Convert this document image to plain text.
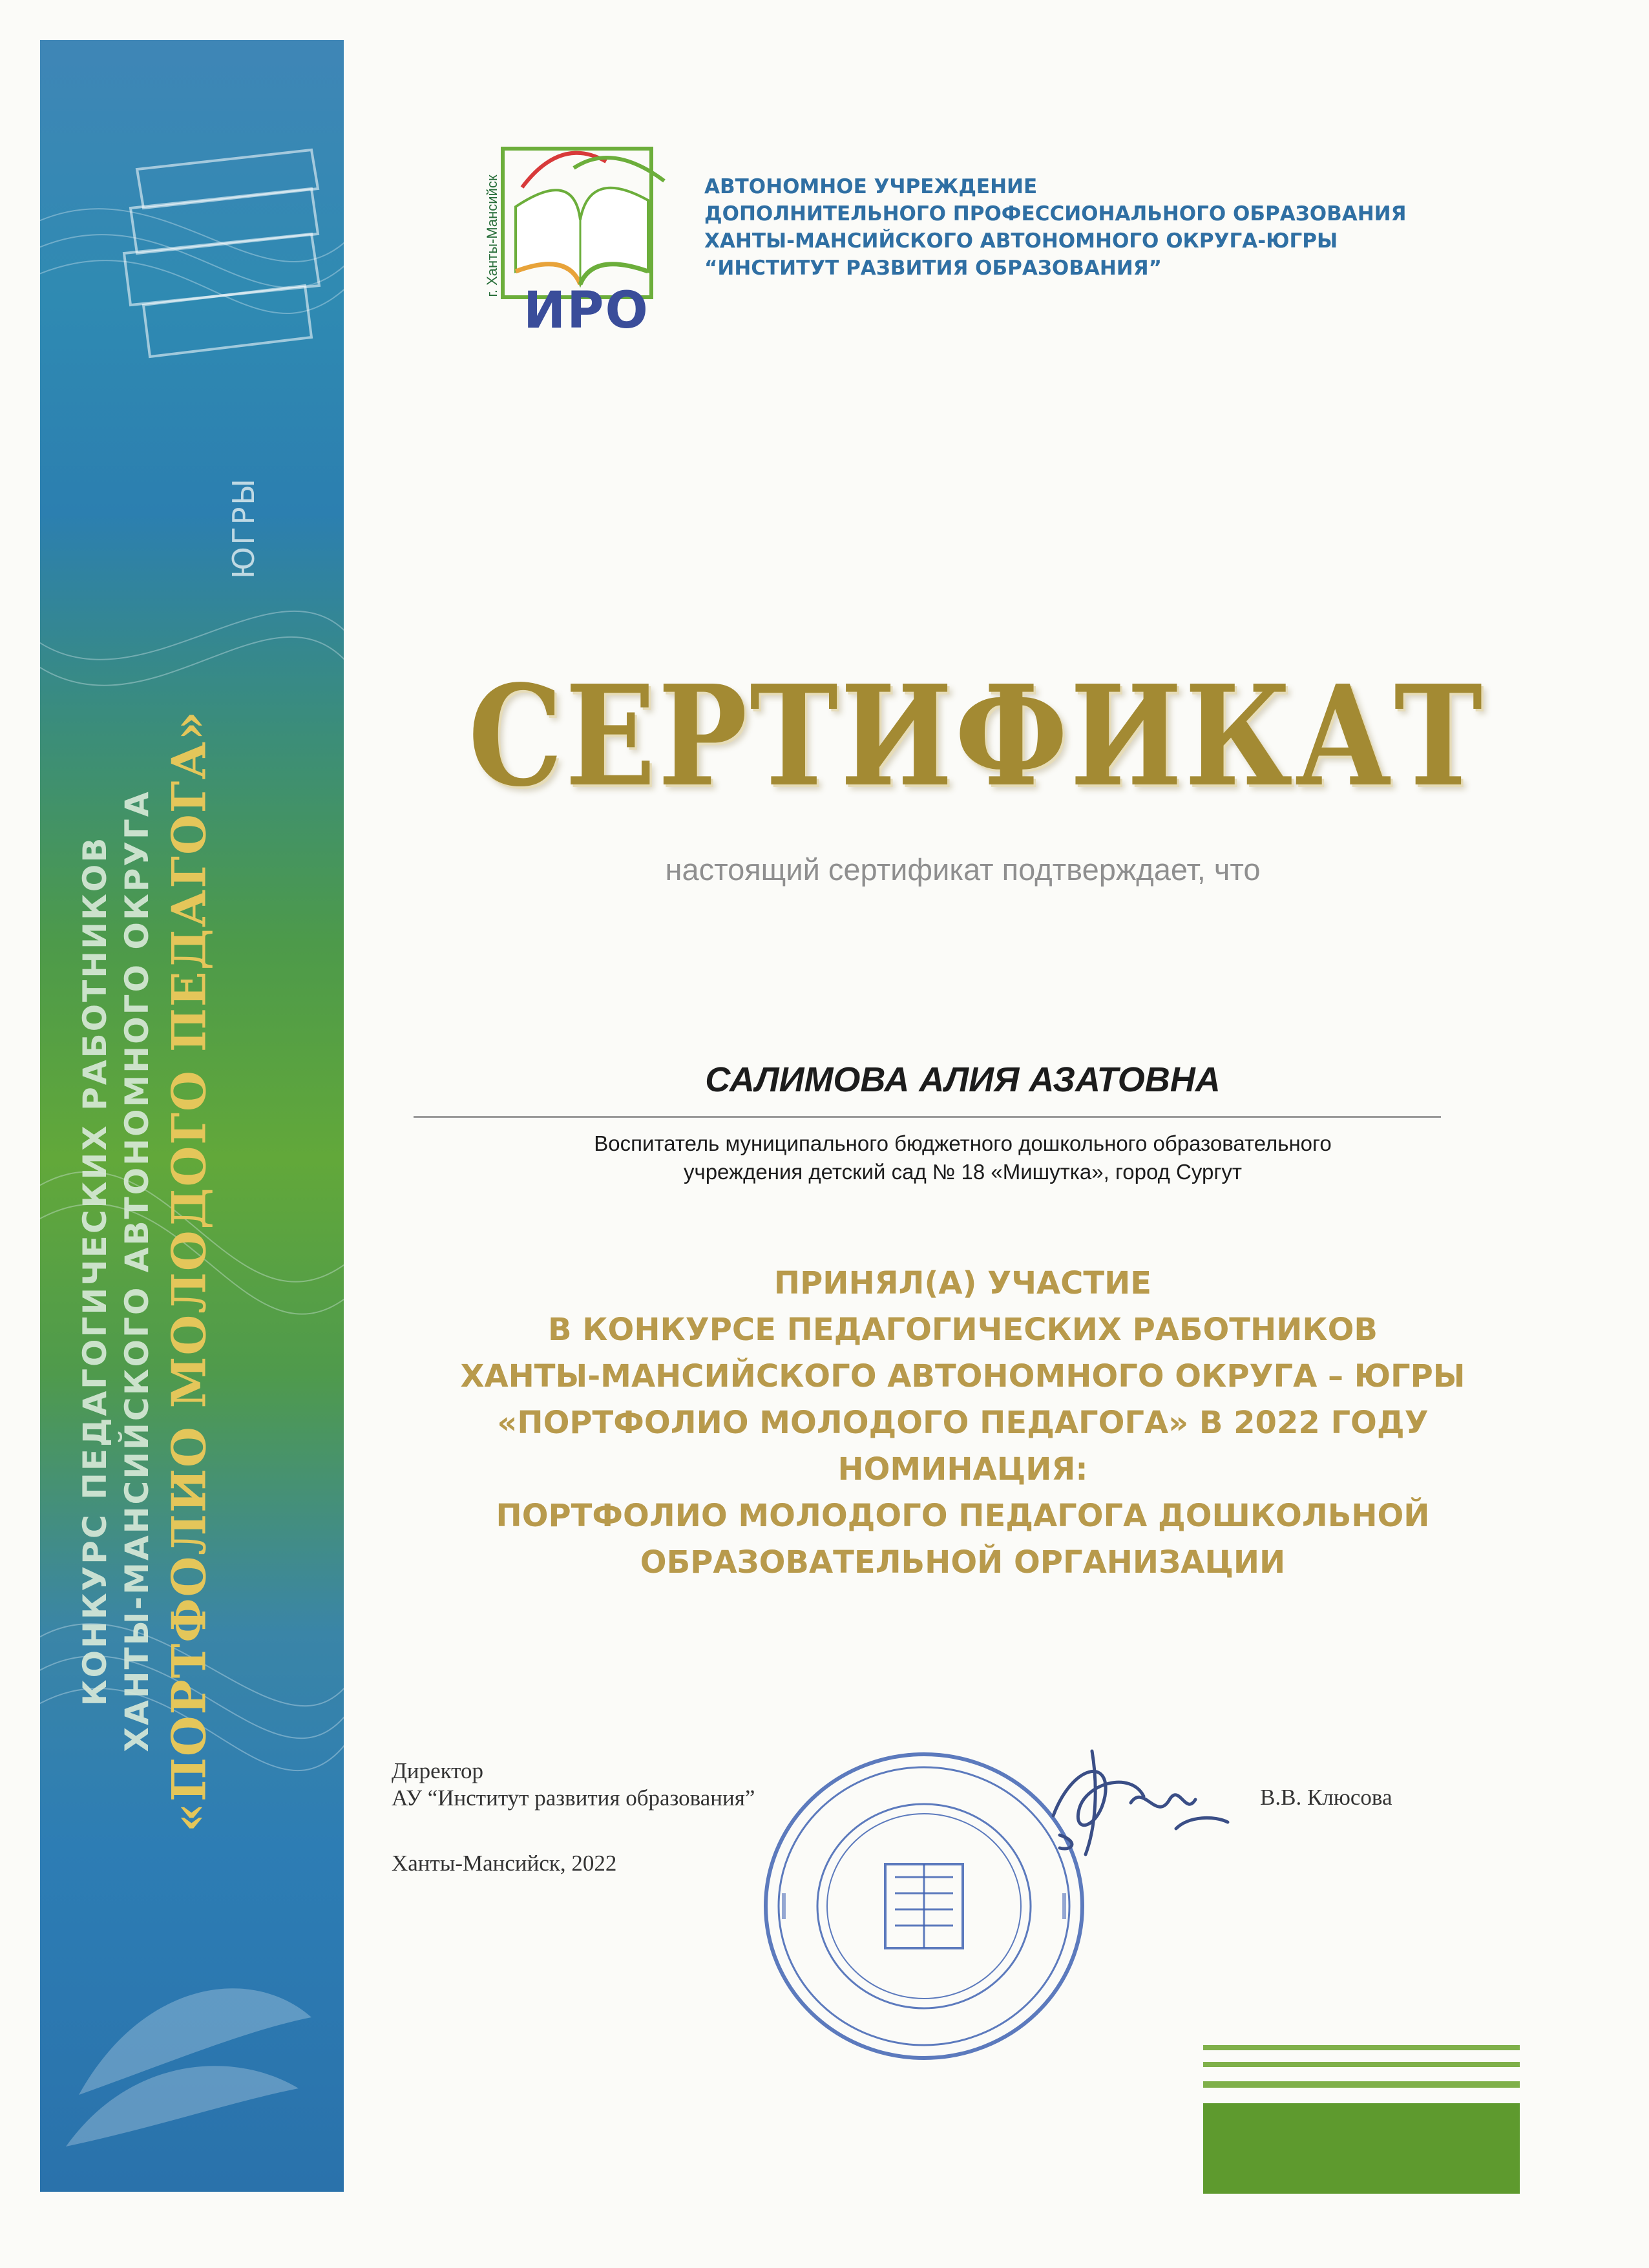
КОНКУРС ПЕДАГОГИЧЕСКИХ РАБОТНИКОВ ХАНТЫ-МАНСИЙСКОГО АВТОНОМНОГО ОКРУГА «ПОРТФОЛИО МОЛОДОГО ПЕДАГОГА»
ЮГРЫ
г. Ханты-Мансийск
ИРО
АВТОНОМНОЕ УЧРЕЖДЕНИЕ
ДОПОЛНИТЕЛЬНОГО ПРОФЕССИОНАЛЬНОГО ОБРАЗОВАНИЯ
ХАНТЫ-МАНСИЙСКОГО АВТОНОМНОГО ОКРУГА-ЮГРЫ
“ИНСТИТУТ РАЗВИТИЯ ОБРАЗОВАНИЯ”
СЕРТИФИКАТ
настоящий сертификат подтверждает, что
САЛИМОВА АЛИЯ АЗАТОВНА
Воспитатель муниципального бюджетного дошкольного образовательного
учреждения детский сад № 18 «Мишутка», город Сургут
ПРИНЯЛ(А) УЧАСТИЕ
В КОНКУРСЕ ПЕДАГОГИЧЕСКИХ РАБОТНИКОВ
ХАНТЫ-МАНСИЙСКОГО АВТОНОМНОГО ОКРУГА – ЮГРЫ
«ПОРТФОЛИО МОЛОДОГО ПЕДАГОГА» В 2022 ГОДУ
НОМИНАЦИЯ:
ПОРТФОЛИО МОЛОДОГО ПЕДАГОГА ДОШКОЛЬНОЙ
ОБРАЗОВАТЕЛЬНОЙ ОРГАНИЗАЦИИ
Директор
АУ “Институт развития образования”	В.В. Клюсова
Ханты-Мансийск, 2022
